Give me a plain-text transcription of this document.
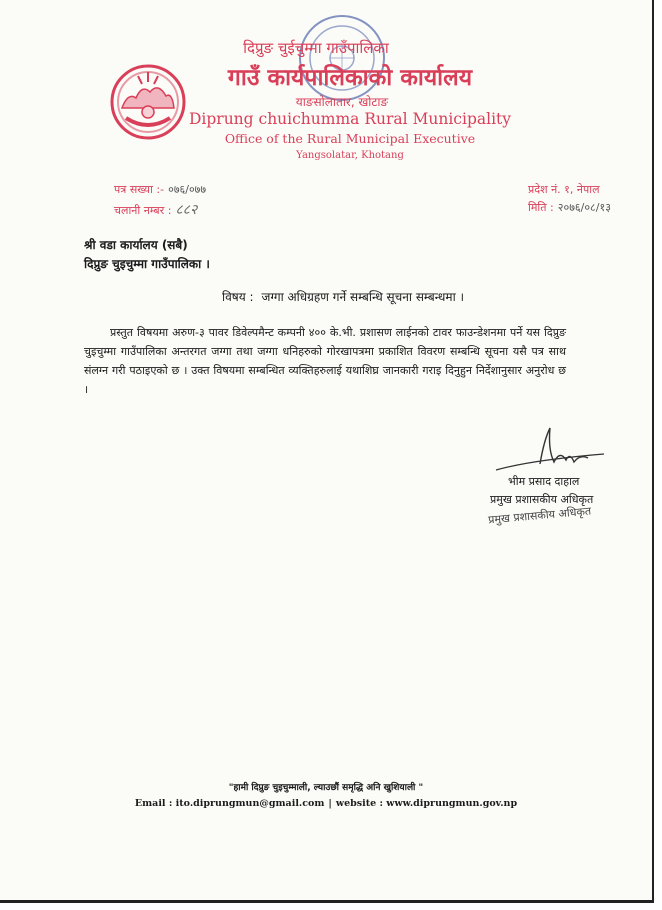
दिप्रुङ चुईचुम्मा गाउँपालिका
गाउँ कार्यपालिकाको कार्यालय
याङसोलातार, खोटाङ
Diprung chuichumma Rural Municipality
Office of the Rural Municipal Executive
Yangsolatar, Khotang
पत्र सख्या :- ०७६/०७७
चलानी नम्बर : ८८२
प्रदेश नं. १, नेपाल
मिति : २०७६/०८/१३
श्री वडा कार्यालय (सबै)
दिप्रुङ चुइचुम्मा गाउँपालिका ।
विषय : जग्गा अधिग्रहण गर्ने सम्बन्धि सूचना सम्बन्धमा ।
प्रस्तुत विषयमा अरुण-३ पावर डिवेल्पमैन्ट कम्पनी ४०० के.भी. प्रशासण लाईनको टावर फाउन्डेशनमा पर्ने यस दिप्रुङ चुइचुम्मा गाउँपालिका अन्तरगत जग्गा तथा जग्गा धनिहरुको गोरखापत्रमा प्रकाशित विवरण सम्बन्धि सूचना यसै पत्र साथ संलग्न गरी पठाइएको छ । उक्त विषयमा सम्बन्धित व्यक्तिहरुलाई यथाशिघ्र जानकारी गराइ दिनुहुन निर्देशानुसार अनुरोध छ ।
भीम प्रसाद दाहाल
प्रमुख प्रशासकीय अधिकृत
प्रमुख प्रशासकीय अधिकृत
"हामी दिप्रुङ चुइचुम्माली, ल्याउछौं समृद्धि अनि खुशियाली "
Email : ito.diprungmun@gmail.com | website : www.diprungmun.gov.np
